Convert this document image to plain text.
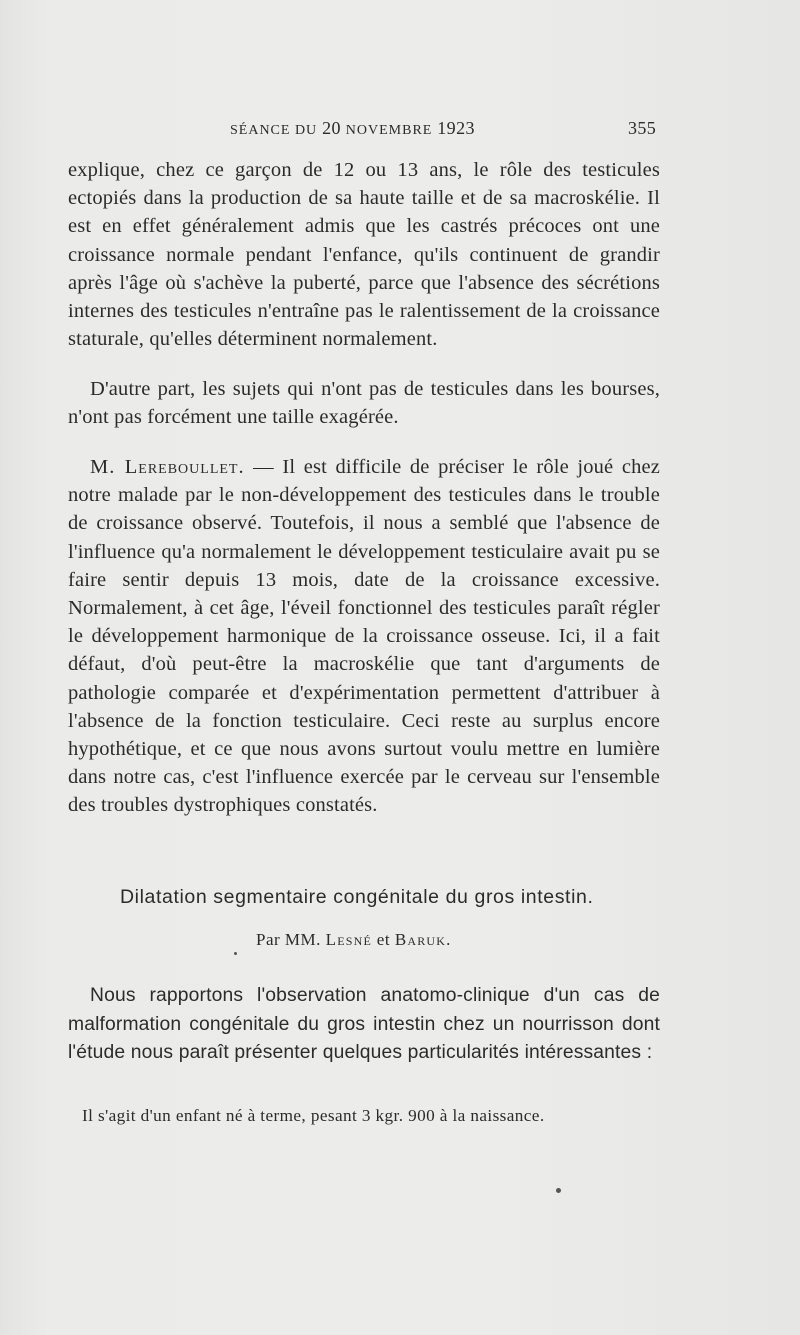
SÉANCE DU 20 NOVEMBRE 1923	355

explique, chez ce garçon de 12 ou 13 ans, le rôle des testicules ectopiés dans la production de sa haute taille et de sa macroskélie. Il est en effet généralement admis que les castrés précoces ont une croissance normale pendant l'enfance, qu'ils continuent de grandir après l'âge où s'achève la puberté, parce que l'absence des sécrétions internes des testicules n'entraîne pas le ralentissement de la croissance staturale, qu'elles déterminent normalement.

D'autre part, les sujets qui n'ont pas de testicules dans les bourses, n'ont pas forcément une taille exagérée.

M. Lereboullet. — Il est difficile de préciser le rôle joué chez notre malade par le non-développement des testicules dans le trouble de croissance observé. Toutefois, il nous a semblé que l'absence de l'influence qu'a normalement le développement testiculaire avait pu se faire sentir depuis 13 mois, date de la croissance excessive. Normalement, à cet âge, l'éveil fonctionnel des testicules paraît régler le développement harmonique de la croissance osseuse. Ici, il a fait défaut, d'où peut-être la macroskélie que tant d'arguments de pathologie comparée et d'expérimentation permettent d'attribuer à l'absence de la fonction testiculaire. Ceci reste au surplus encore hypothétique, et ce que nous avons surtout voulu mettre en lumière dans notre cas, c'est l'influence exercée par le cerveau sur l'ensemble des troubles dystrophiques constatés.

Dilatation segmentaire congénitale du gros intestin.
Par MM. Lesné et Baruk.

Nous rapportons l'observation anatomo-clinique d'un cas de malformation congénitale du gros intestin chez un nourrisson dont l'étude nous paraît présenter quelques particularités intéressantes :

Il s'agit d'un enfant né à terme, pesant 3 kgr. 900 à la naissance.
